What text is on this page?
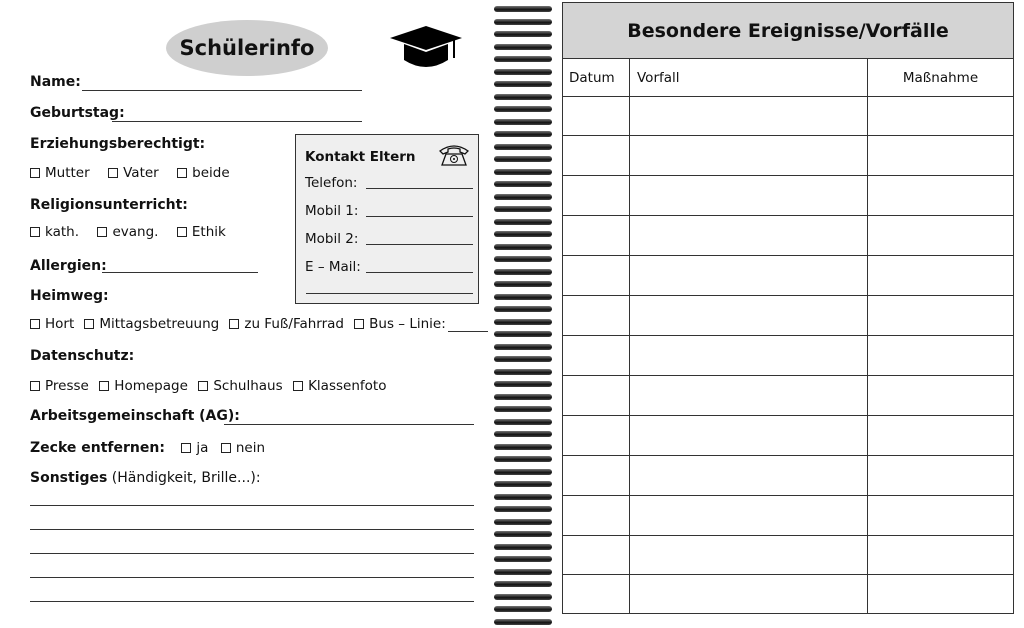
Schülerinfo
Name:
Geburtstag:
Erziehungsberechtigt:
Mutter Vater beide
Religionsunterricht:
kath. evang. Ethik
Allergien:
Heimweg:
Hort Mittagsbetreuung zu Fuß/Fahrrad Bus – Linie:
Datenschutz:
Presse Homepage Schulhaus Klassenfoto
Arbeitsgemeinschaft (AG):
Zecke entfernen: ja nein
Sonstiges (Händigkeit, Brille...):
Kontakt Eltern
Telefon:
Mobil 1:
Mobil 2:
E – Mail:
Besondere Ereignisse/Vorfälle
Datum	Vorfall	Maßnahme
